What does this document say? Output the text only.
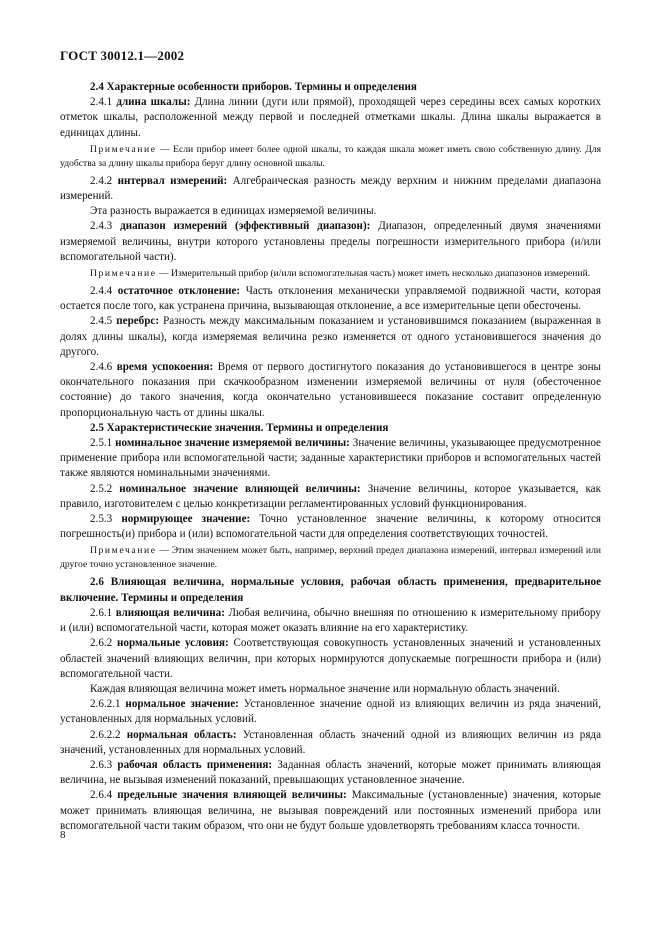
ГОСТ 30012.1—2002

2.4 Характерные особенности приборов. Термины и определения

2.4.1 длина шкалы: Длина линии (дуги или прямой), проходящей через середины всех самых коротких отметок шкалы, расположенной между первой и последней отметками шкалы. Длина шкалы выражается в единицах длины.

Примечание — Если прибор имеет более одной шкалы, то каждая шкала может иметь свою собственную длину. Для удобства за длину шкалы прибора беруг длину основной шкалы.

2.4.2 интервал измерений: Алгебраическая разность между верхним и нижним пределами диапазона измерений.

Эта разность выражается в единицах измеряемой величины.

2.4.3 диапазон измерений (эффективный диапазон): Диапазон, определенный двумя значениями измеряемой величины, внутри которого установлены пределы погрешности измерительного прибора (и/или вспомогательной части).

Примечание — Измерительный прибор (и/или вспомогательная часть) может иметь несколько диапазонов измерений.

2.4.4 остаточное отклонение: Часть отклонения механически управляемой подвижной части, которая остается после того, как устранена причина, вызывающая отклонение, а все измерительные цепи обесточены.

2.4.5 перебрс: Разность между максимальным показанием и установившимся показанием (выраженная в долях длины шкалы), когда измеряемая величина резко изменяется от одного установившегося значения до другого.

2.4.6 время успокоения: Время от первого достигнутого показания до установившегося в центре зоны окончательного показания при скачкообразном изменении измеряемой величины от нуля (обесточенное состояние) до такого значения, когда окончательно установившееся показание составит определенную пропорциональную часть от длины шкалы.

2.5 Характеристические значения. Термины и определения

2.5.1 номинальное значение измеряемой величины: Значение величины, указывающее предусмотренное применение прибора или вспомогательной части; заданные характеристики приборов и вспомогательных частей также являются номинальными значениями.

2.5.2 номинальное значение влияющей величины: Значение величины, которое указывается, как правило, изготовителем с целью конкретизации регламентированных условий функционирования.

2.5.3 нормирующее значение: Точно установленное значение величины, к которому относится погрешность(и) прибора и (или) вспомогательной части для определения соответствующих точностей.

Примечание — Этим значением может быть, например, верхний предел диапазона измерений, интервал измерений или другое точно установленное значение.

2.6 Влияющая величина, нормальные условия, рабочая область применения, предварительное включение. Термины и определения

2.6.1 влияющая величина: Любая величина, обычно внешняя по отношению к измерительному прибору и (или) вспомогательной части, которая может оказать влияние на его характеристику.

2.6.2 нормальные условия: Соответствующая совокупность установленных значений и установленных областей значений влияющих величин, при которых нормируются допускаемые погрешности прибора и (или) вспомогательной части.

Каждая влияющая величина может иметь нормальное значение или нормальную область значений.

2.6.2.1 нормальное значение: Установленное значение одной из влияющих величин из ряда значений, установленных для нормальных условий.

2.6.2.2 нормальная область: Установленная область значений одной из влияющих величин из ряда значений, установленных для нормальных условий.

2.6.3 рабочая область применения: Заданная область значений, которые может принимать влияющая величина, не вызывая изменений показаний, превышающих установленное значение.

2.6.4 предельные значения влияющей величины: Максимальные (установленные) значения, которые может принимать влияющая величина, не вызывая повреждений или постоянных изменений прибора или вспомогательной части таким образом, что они не будут больше удовлетворять требованиям класса точности.

8
